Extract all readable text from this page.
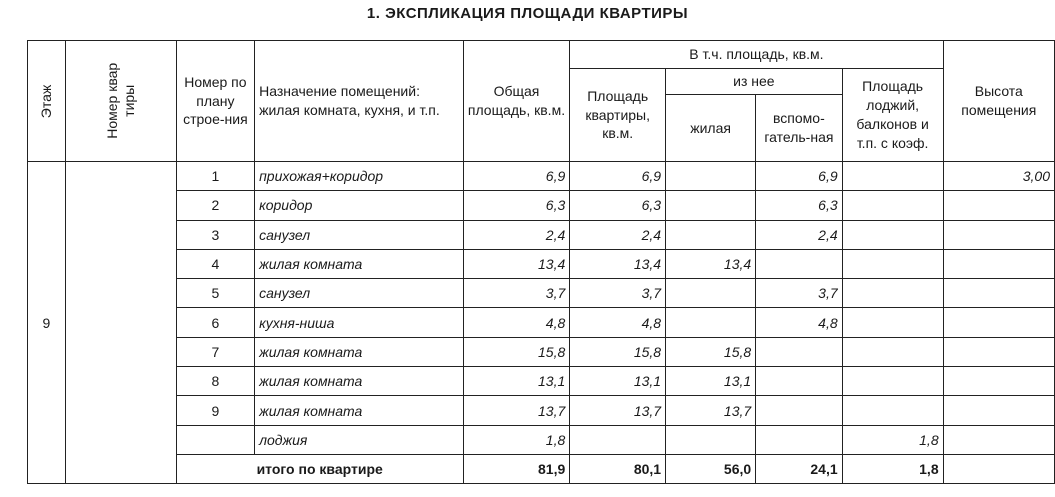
1. ЭКСПЛИКАЦИЯ ПЛОЩАДИ КВАРТИРЫ
Этаж	Номер квар тиры	Номер по плану строе-ния	Назначение помещений: жилая комната, кухня, и т.п.	Общая площадь, кв.м.	В т.ч. площадь, кв.м.				Высота помещения
					Площадь квартиры, кв.м.	из нее		Площадь лоджий, балконов и т.п. с коэф.	
						жилая	вспомо-гатель-ная		
9		1	прихожая+коридор	6,9	6,9		6,9		3,00
		2	коридор	6,3	6,3		6,3		
		3	санузел	2,4	2,4		2,4		
		4	жилая комната	13,4	13,4	13,4			
		5	санузел	3,7	3,7		3,7		
		6	кухня-ниша	4,8	4,8		4,8		
		7	жилая комната	15,8	15,8	15,8			
		8	жилая комната	13,1	13,1	13,1			
		9	жилая комната	13,7	13,7	13,7			
			лоджия	1,8				1,8	
		итого по квартире		81,9	80,1	56,0	24,1	1,8	
